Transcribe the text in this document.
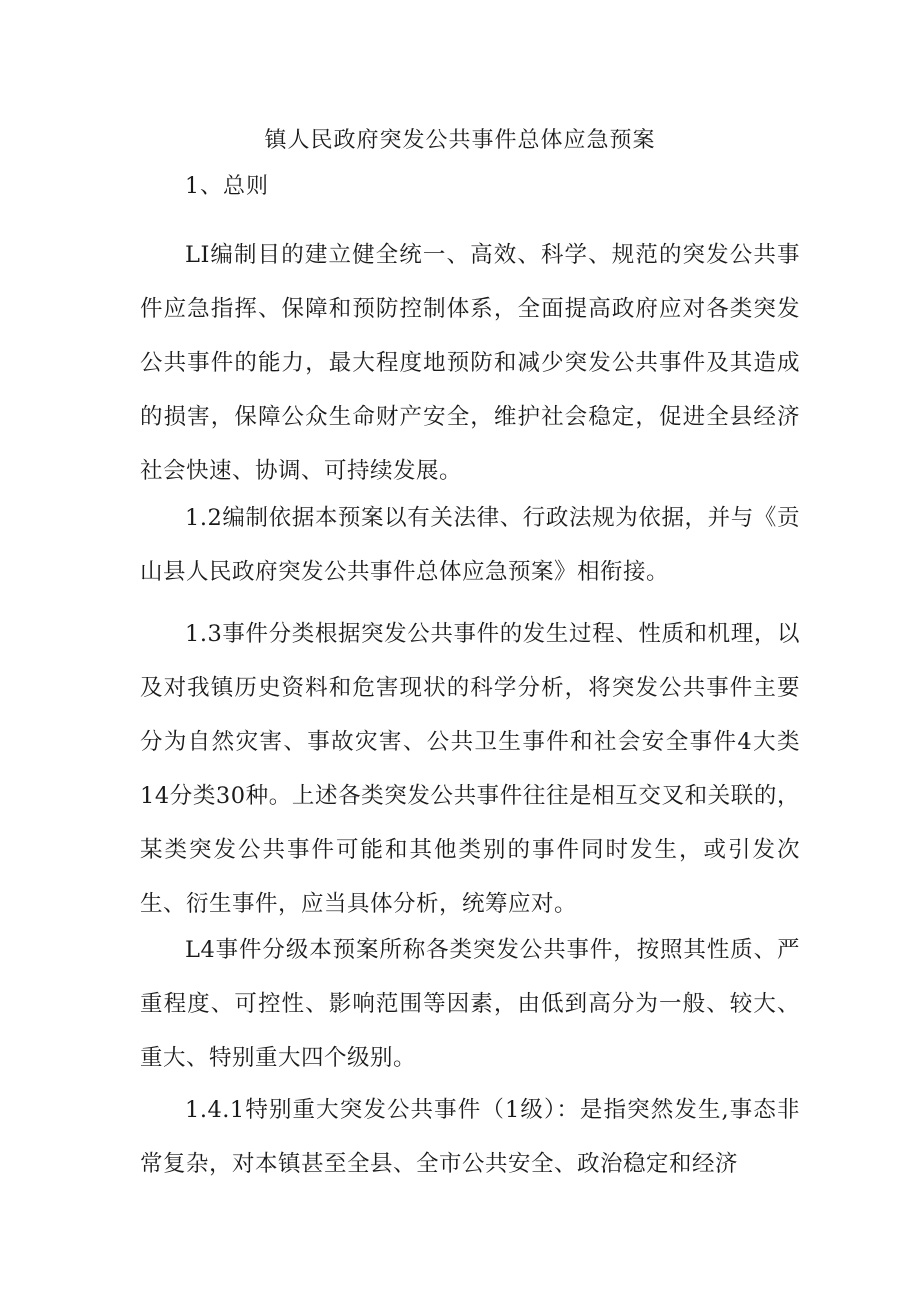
镇人民政府突发公共事件总体应急预案
1、总则

LI编制目的建立健全统一、高效、科学、规范的突发公共事件应急指挥、保障和预防控制体系，全面提高政府应对各类突发公共事件的能力，最大程度地预防和减少突发公共事件及其造成的损害，保障公众生命财产安全，维护社会稳定，促进全县经济社会快速、协调、可持续发展。

1.2编制依据本预案以有关法律、行政法规为依据，并与《贡山县人民政府突发公共事件总体应急预案》相衔接。

1.3事件分类根据突发公共事件的发生过程、性质和机理，以及对我镇历史资料和危害现状的科学分析，将突发公共事件主要分为自然灾害、事故灾害、公共卫生事件和社会安全事件4大类14分类30种。上述各类突发公共事件往往是相互交叉和关联的，某类突发公共事件可能和其他类别的事件同时发生，或引发次生、衍生事件，应当具体分析，统筹应对。

L4事件分级本预案所称各类突发公共事件，按照其性质、严重程度、可控性、影响范围等因素，由低到高分为一般、较大、重大、特别重大四个级别。

1.4.1特别重大突发公共事件（1级）：是指突然发生,事态非常复杂，对本镇甚至全县、全市公共安全、政治稳定和经济
